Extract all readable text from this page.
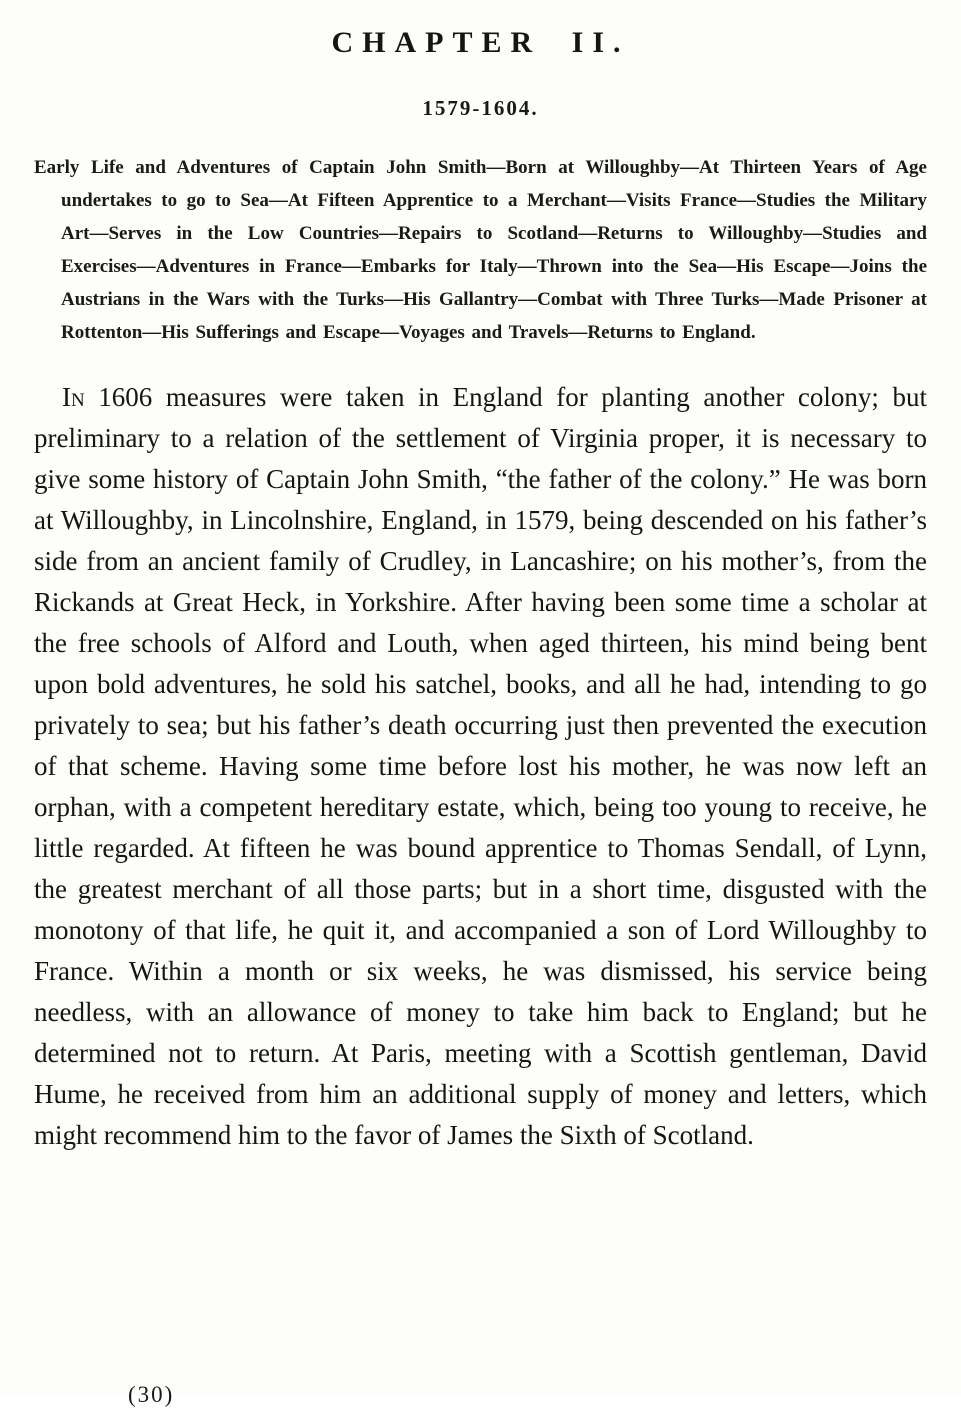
CHAPTER II.
1579-1604.

Early Life and Adventures of Captain John Smith—Born at Willoughby—At Thirteen Years of Age undertakes to go to Sea—At Fifteen Apprentice to a Merchant—Visits France—Studies the Military Art—Serves in the Low Countries—Repairs to Scotland—Returns to Willoughby—Studies and Exercises—Adventures in France—Embarks for Italy—Thrown into the Sea—His Escape—Joins the Austrians in the Wars with the Turks—His Gallantry—Combat with Three Turks—Made Prisoner at Rottenton—His Sufferings and Escape—Voyages and Travels—Returns to England.

In 1606 measures were taken in England for planting another colony; but preliminary to a relation of the settlement of Virginia proper, it is necessary to give some history of Captain John Smith, “the father of the colony.” He was born at Willoughby, in Lincolnshire, England, in 1579, being descended on his father’s side from an ancient family of Crudley, in Lancashire; on his mother’s, from the Rickands at Great Heck, in Yorkshire. After having been some time a scholar at the free schools of Alford and Louth, when aged thirteen, his mind being bent upon bold adventures, he sold his satchel, books, and all he had, intending to go privately to sea; but his father’s death occurring just then prevented the execution of that scheme. Having some time before lost his mother, he was now left an orphan, with a competent hereditary estate, which, being too young to receive, he little regarded. At fifteen he was bound apprentice to Thomas Sendall, of Lynn, the greatest merchant of all those parts; but in a short time, disgusted with the monotony of that life, he quit it, and accompanied a son of Lord Willoughby to France. Within a month or six weeks, he was dismissed, his service being needless, with an allowance of money to take him back to England; but he determined not to return. At Paris, meeting with a Scottish gentleman, David Hume, he received from him an additional supply of money and letters, which might recommend him to the favor of James the Sixth of Scotland.

(30)
